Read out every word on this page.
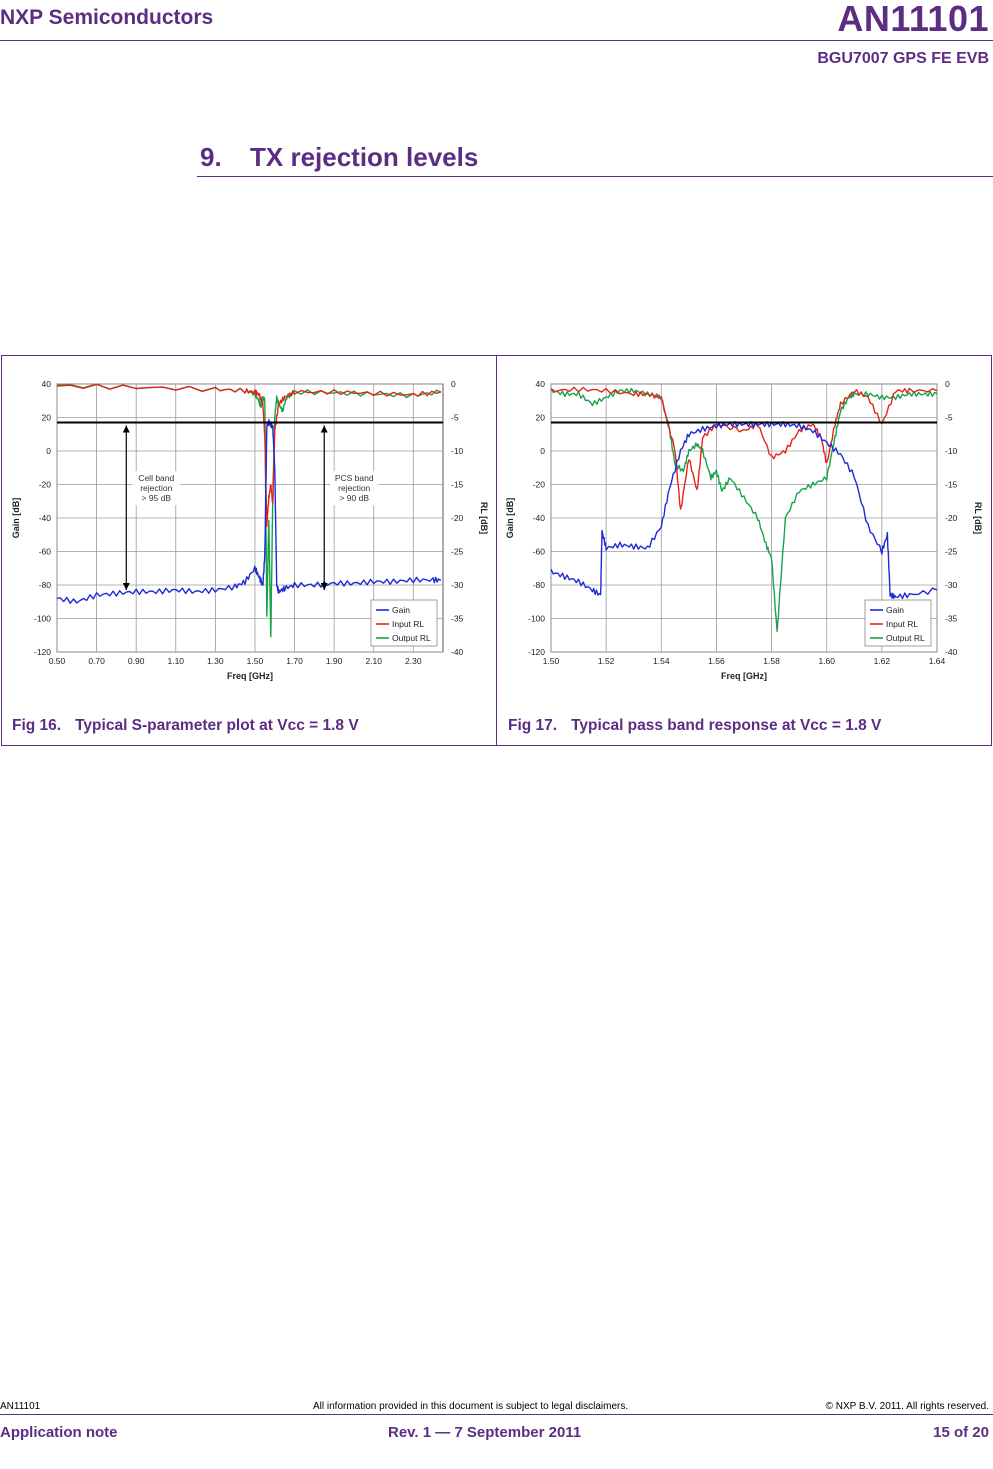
NXP Semiconductors	AN11101
BGU7007 GPS FE EVB
9. TX rejection levels
40
20
0
-20
-40
-60
-80
-100
-120
0
-5
-10
-15
-20
-25
-30
-35
-40
0.50	0.70	0.90	1.10	1.30	1.50	1.70	1.90	2.10	2.30
Freq [GHz]
Gain [dB]	RL [dB]
Cell band
rejection
> 95 dB
PCS band
rejection
> 90 dB
Gain
Input RL
Output RL
40
20
0
-20
-40
-60
-80
-100
-120
0
-5
-10
-15
-20
-25
-30
-35
-40
1.50	1.52	1.54	1.56	1.58	1.60	1.62	1.64
Freq [GHz]
Gain [dB]	RL [dB]
Gain
Input RL
Output RL
Fig 16. Typical S-parameter plot at Vcc = 1.8 V	Fig 17. Typical pass band response at Vcc = 1.8 V
AN11101	All information provided in this document is subject to legal disclaimers.	© NXP B.V. 2011. All rights reserved.
Application note	Rev. 1 — 7 September 2011	15 of 20
